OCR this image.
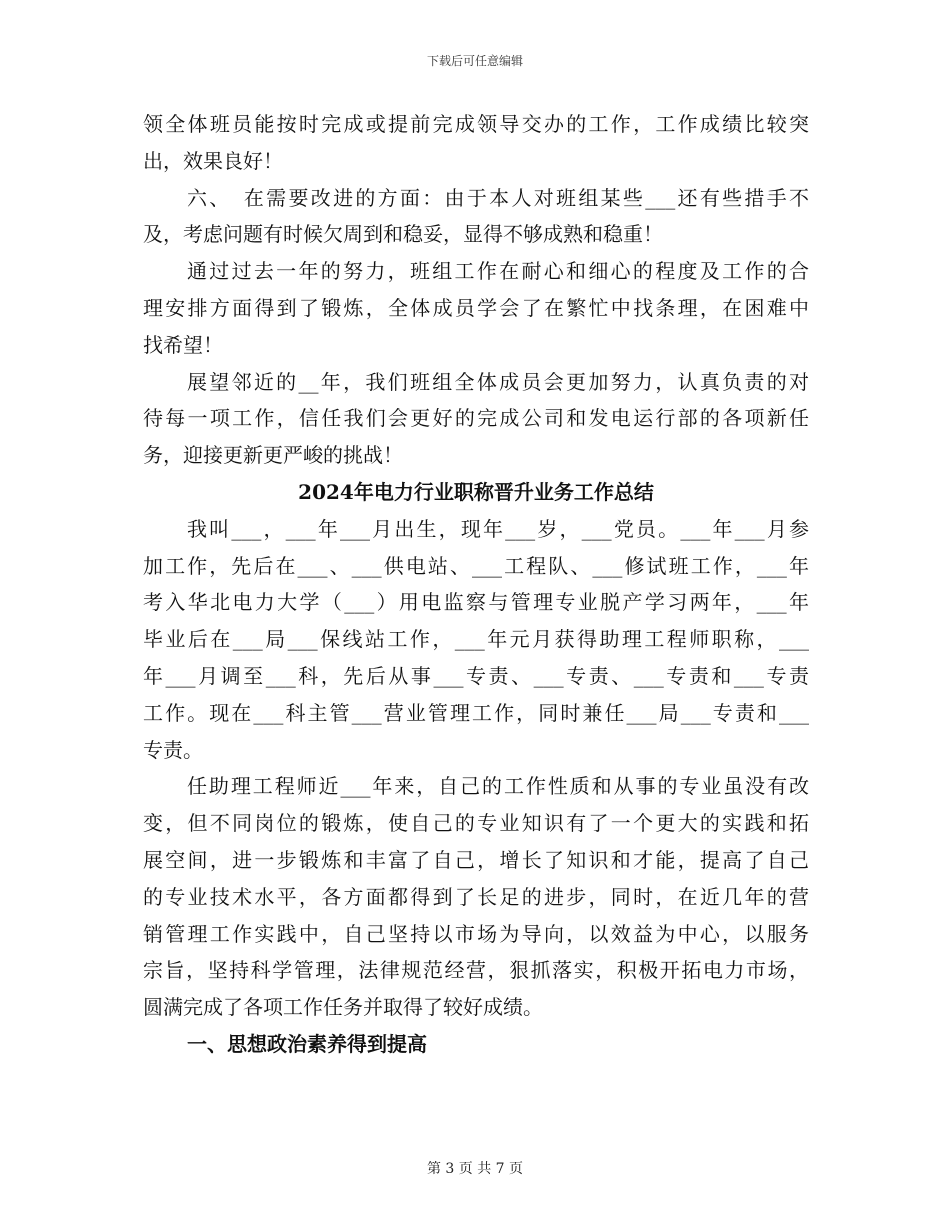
下载后可任意编辑
领全体班员能按时完成或提前完成领导交办的工作，工作成绩比较突
出，效果良好！
六、　在需要改进的方面：由于本人对班组某些___还有些措手不
及，考虑问题有时候欠周到和稳妥，显得不够成熟和稳重！
通过过去一年的努力，班组工作在耐心和细心的程度及工作的合
理安排方面得到了锻炼，全体成员学会了在繁忙中找条理，在困难中
找希望！
展望邻近的__年，我们班组全体成员会更加努力，认真负责的对
待每一项工作，信任我们会更好的完成公司和发电运行部的各项新任
务，迎接更新更严峻的挑战！
2024年电力行业职称晋升业务工作总结
我叫___，___年___月出生，现年___岁，___党员。___年___月参
加工作，先后在___、___供电站、___工程队、___修试班工作，___年
考入华北电力大学（___）用电监察与管理专业脱产学习两年，___年
毕业后在___局___保线站工作，___年元月获得助理工程师职称，___
年___月调至___科，先后从事___专责、___专责、___专责和___专责
工作。现在___科主管___营业管理工作，同时兼任___局___专责和___
专责。
任助理工程师近___年来，自己的工作性质和从事的专业虽没有改
变，但不同岗位的锻炼，使自己的专业知识有了一个更大的实践和拓
展空间，进一步锻炼和丰富了自己，增长了知识和才能，提高了自己
的专业技术水平，各方面都得到了长足的进步，同时，在近几年的营
销管理工作实践中，自己坚持以市场为导向，以效益为中心，以服务
宗旨，坚持科学管理，法律规范经营，狠抓落实，积极开拓电力市场，
圆满完成了各项工作任务并取得了较好成绩。
一、思想政治素养得到提高
第 3 页 共 7 页
